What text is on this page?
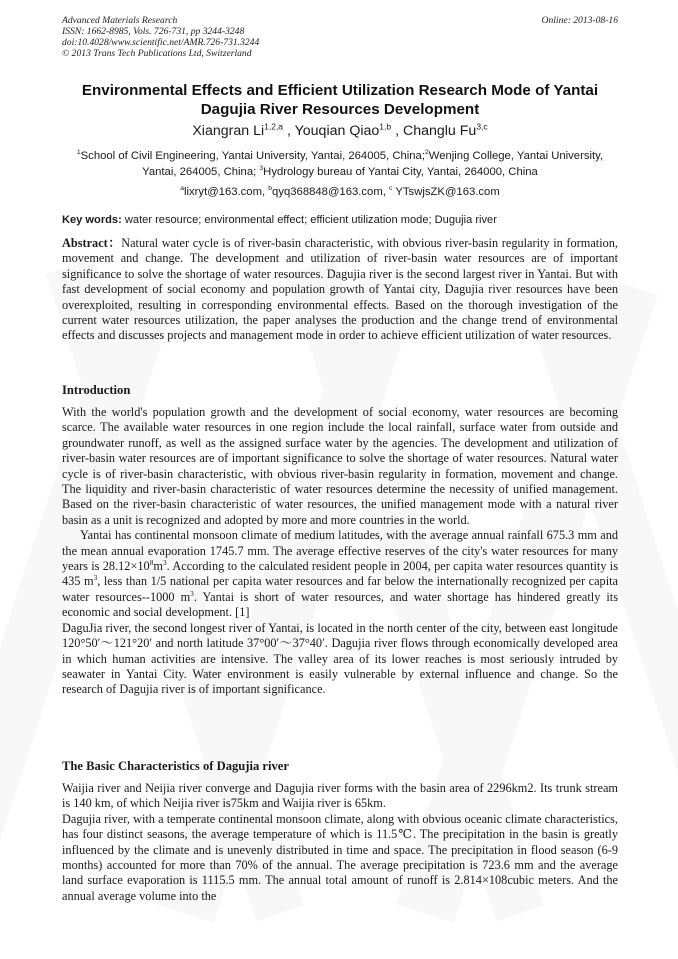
Online: 2013-08-16
Advanced Materials Research
ISSN: 1662-8985, Vols. 726-731, pp 3244-3248
doi:10.4028/www.scientific.net/AMR.726-731.3244
© 2013 Trans Tech Publications Ltd, Switzerland
Environmental Effects and Efficient Utilization Research Mode of Yantai Dagujia River Resources Development
Xiangran Li$^{1,2,a}$ , Youqian Qiao$^{1,b}$ , Changlu Fu$^{3,c}$
$^1$School of Civil Engineering, Yantai University, Yantai, 264005, China;$^2$Wenjing College, Yantai University, Yantai, 264005, China; $^3$Hydrology bureau of Yantai City, Yantai, 264000, China
$^a$lixryt@163.com, $^b$qyq368848@163.com, $^c$ YTswjsZK@163.com
Key words: water resource; environmental effect; efficient utilization mode; Dugujia river

Abstract：Natural water cycle is of river-basin characteristic, with obvious river-basin regularity in formation, movement and change. The development and utilization of river-basin water resources are of important significance to solve the shortage of water resources. Dagujia river is the second largest river in Yantai. But with fast development of social economy and population growth of Yantai city, Dagujia river resources have been overexploited, resulting in corresponding environmental effects. Based on the thorough investigation of the current water resources utilization, the paper analyses the production and the change trend of environmental effects and discusses projects and management mode in order to achieve efficient utilization of water resources.

Introduction

With the world's population growth and the development of social economy, water resources are becoming scarce. The available water resources in one region include the local rainfall, surface water from outside and groundwater runoff, as well as the assigned surface water by the agencies. The development and utilization of river-basin water resources are of important significance to solve the shortage of water resources. Natural water cycle is of river-basin characteristic, with obvious river-basin regularity in formation, movement and change. The liquidity and river-basin characteristic of water resources determine the necessity of unified management. Based on the river-basin characteristic of water resources, the unified management mode with a natural river basin as a unit is recognized and adopted by more and more countries in the world.

Yantai has continental monsoon climate of medium latitudes, with the average annual rainfall 675.3 mm and the mean annual evaporation 1745.7 mm. The average effective reserves of the city's water resources for many years is $28.12\times 10^8m^3$. According to the calculated resident people in 2004, per capita water resources quantity is 435 $m^3$, less than 1/5 national per capita water resources and far below the internationally recognized per capita water resources--1000 $m^3$. Yantai is short of water resources, and water shortage has hindered greatly its economic and social development. [1]

DaguJia river, the second longest river of Yantai, is located in the north center of the city, between east longitude 120°50′～121°20′ and north latitude 37°00′～37°40′. Dagujia river flows through economically developed area in which human activities are intensive. The valley area of its lower reaches is most seriously intruded by seawater in Yantai City. Water environment is easily vulnerable by external influence and change. So the research of Dagujia river is of important significance.

The Basic Characteristics of Dagujia river

Waijia river and Neijia river converge and Dagujia river forms with the basin area of 2296km2. Its trunk stream is 140 km, of which Neijia river is75km and Waijia river is 65km.

Dagujia river, with a temperate continental monsoon climate, along with obvious oceanic climate characteristics, has four distinct seasons, the average temperature of which is 11.5℃. The precipitation in the basin is greatly influenced by the climate and is unevenly distributed in time and space. The precipitation in flood season (6-9 months) accounted for more than 70% of the annual. The average precipitation is 723.6 mm and the average land surface evaporation is 1115.5 mm. The annual total amount of runoff is 2.814×108cubic meters. And the annual average volume into the
